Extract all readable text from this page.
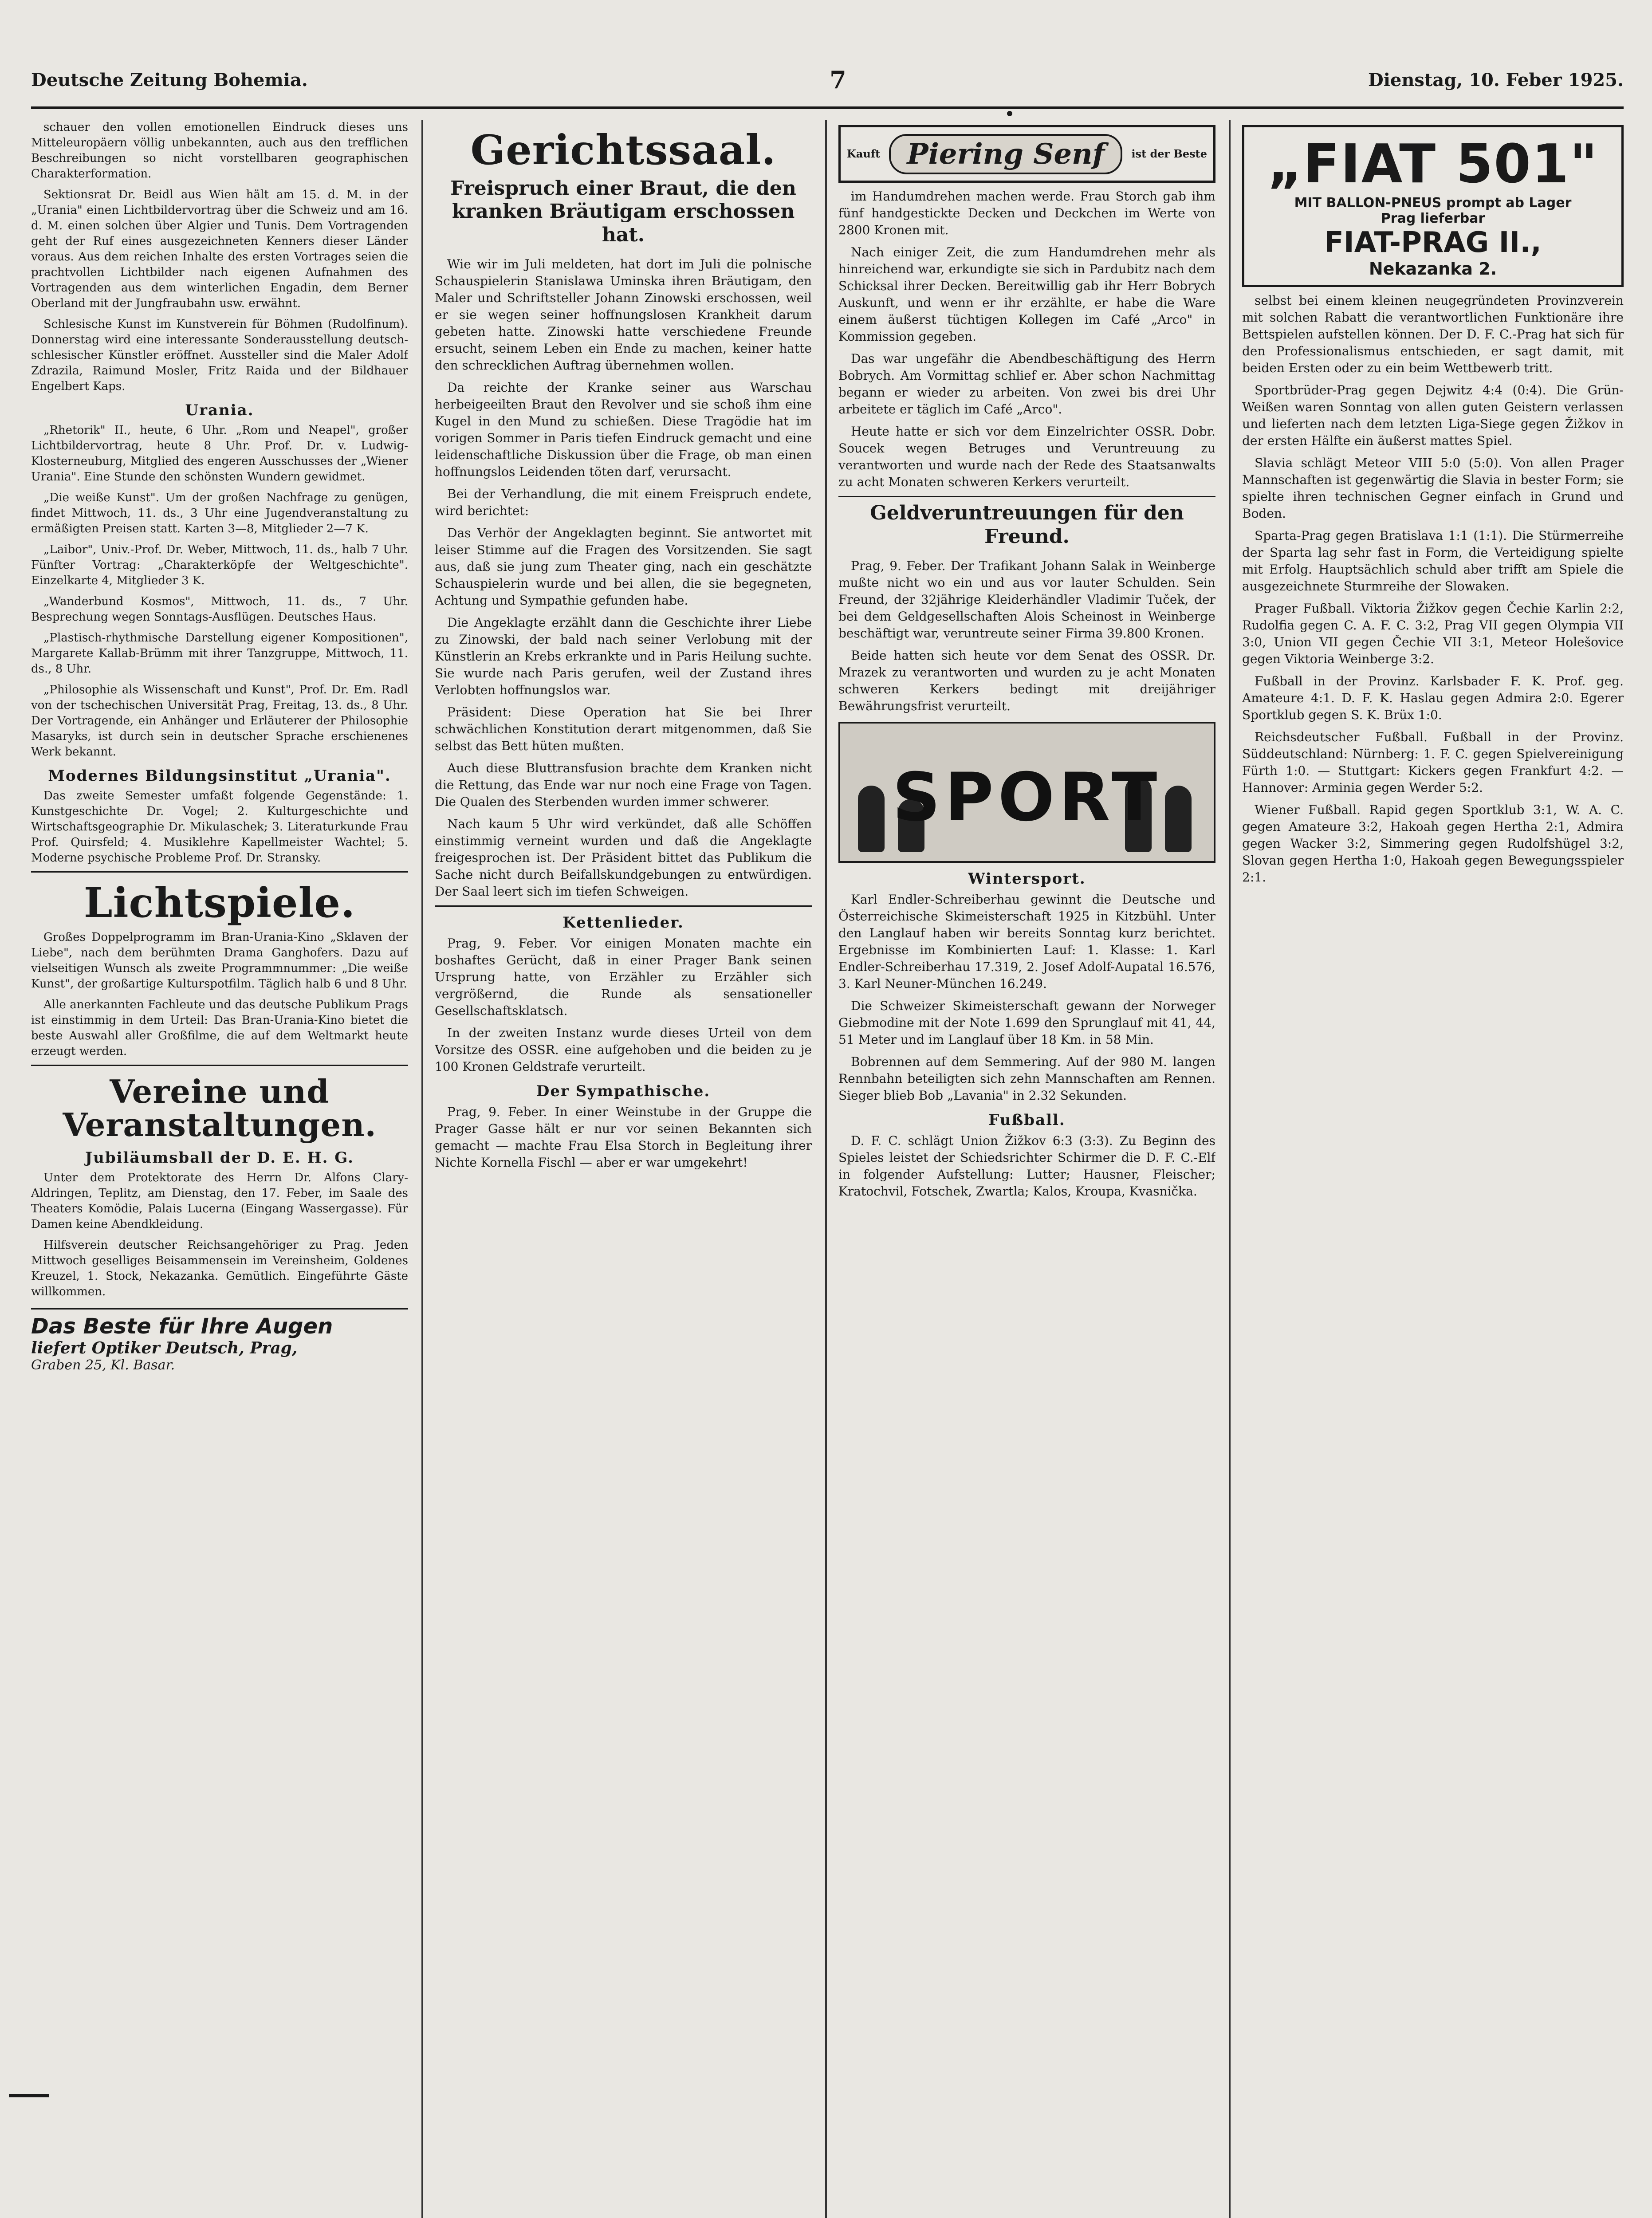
Deutsche Zeitung Bohemia.	7	Dienstag, 10. Feber 1925.

schauer den vollen emotionellen Eindruck dieses uns Mitteleuropäern völlig unbekannten, auch aus den trefflichen Beschreibungen so nicht vorstellbaren geographischen Charakterformation.

Sektionsrat Dr. Beidl aus Wien hält am 15. d. M. in der „Urania" einen Lichtbildervortrag über die Schweiz und am 16. d. M. einen solchen über Algier und Tunis. Dem Vortragenden geht der Ruf eines ausgezeichneten Kenners dieser Länder voraus. Aus dem reichen Inhalte des ersten Vortrages seien die prachtvollen Lichtbilder nach eigenen Aufnahmen des Vortragenden aus dem winterlichen Engadin, dem Berner Oberland mit der Jungfraubahn usw. erwähnt.

Schlesische Kunst im Kunstverein für Böhmen (Rudolfinum). Donnerstag wird eine interessante Sonderausstellung deutsch-schlesischer Künstler eröffnet. Aussteller sind die Maler Adolf Zdrazila, Raimund Mosler, Fritz Raida und der Bildhauer Engelbert Kaps.

Urania.

„Rhetorik" II., heute, 6 Uhr. „Rom und Neapel", großer Lichtbildervortrag, heute 8 Uhr. Prof. Dr. v. Ludwig-Klosterneuburg, Mitglied des engeren Ausschusses der „Wiener Urania". Eine Stunde den schönsten Wundern gewidmet.

„Die weiße Kunst". Um der großen Nachfrage zu genügen, findet Mittwoch, 11. ds., 3 Uhr eine Jugendveranstaltung zu ermäßigten Preisen statt. Karten 3—8, Mitglieder 2—7 K.

„Laibor", Univ.-Prof. Dr. Weber, Mittwoch, 11. ds., halb 7 Uhr. Fünfter Vortrag: „Charakterköpfe der Weltgeschichte". Einzelkarte 4, Mitglieder 3 K.

„Wanderbund Kosmos", Mittwoch, 11. ds., 7 Uhr. Besprechung wegen Sonntags-Ausflügen. Deutsches Haus.

„Plastisch-rhythmische Darstellung eigener Kompositionen", Margarete Kallab-Brümm mit ihrer Tanzgruppe, Mittwoch, 11. ds., 8 Uhr.

„Philosophie als Wissenschaft und Kunst", Prof. Dr. Em. Radl von der tschechischen Universität Prag, Freitag, 13. ds., 8 Uhr. Der Vortragende, ein Anhänger und Erläuterer der Philosophie Masaryks, ist durch sein in deutscher Sprache erschienenes Werk bekannt.

Modernes Bildungsinstitut „Urania".

Das zweite Semester umfaßt folgende Gegenstände: 1. Kunstgeschichte Dr. Vogel; 2. Kulturgeschichte und Wirtschaftsgeographie Dr. Mikulaschek; 3. Literaturkunde Frau Prof. Quirsfeld; 4. Musiklehre Kapellmeister Wachtel; 5. Moderne psychische Probleme Prof. Dr. Stransky.

Lichtspiele.

Großes Doppelprogramm im Bran-Urania-Kino „Sklaven der Liebe", nach dem berühmten Drama Ganghofers. Dazu auf vielseitigen Wunsch als zweite Programmnummer: „Die weiße Kunst", der großartige Kulturspotfilm. Täglich halb 6 und 8 Uhr.

Alle anerkannten Fachleute und das deutsche Publikum Prags ist einstimmig in dem Urteil: Das Bran-Urania-Kino bietet die beste Auswahl aller Großfilme, die auf dem Weltmarkt heute erzeugt werden.

Vereine und Veranstaltungen.
Jubiläumsball der D. E. H. G.

Unter dem Protektorate des Herrn Dr. Alfons Clary-Aldringen, Teplitz, am Dienstag, den 17. Feber, im Saale des Theaters Komödie, Palais Lucerna (Eingang Wassergasse). Für Damen keine Abendkleidung.

Hilfsverein deutscher Reichsangehöriger zu Prag. Jeden Mittwoch geselliges Beisammensein im Vereinsheim, Goldenes Kreuzel, 1. Stock, Nekazanka. Gemütlich. Eingeführte Gäste willkommen.

Das Beste für Ihre Augen
liefert Optiker Deutsch, Prag,
Graben 25, Kl. Basar.
Gerichtssaal.
Freispruch einer Braut, die den kranken Bräutigam erschossen hat.

Wie wir im Juli meldeten, hat dort im Juli die polnische Schauspielerin Stanislawa Uminska ihren Bräutigam, den Maler und Schriftsteller Johann Zinowski erschossen, weil er sie wegen seiner hoffnungslosen Krankheit darum gebeten hatte. Zinowski hatte verschiedene Freunde ersucht, seinem Leben ein Ende zu machen, keiner hatte den schrecklichen Auftrag übernehmen wollen.

Da reichte der Kranke seiner aus Warschau herbeigeeilten Braut den Revolver und sie schoß ihm eine Kugel in den Mund zu schießen. Diese Tragödie hat im vorigen Sommer in Paris tiefen Eindruck gemacht und eine leidenschaftliche Diskussion über die Frage, ob man einen hoffnungslos Leidenden töten darf, verursacht.

Bei der Verhandlung, die mit einem Freispruch endete, wird berichtet:

Das Verhör der Angeklagten beginnt. Sie antwortet mit leiser Stimme auf die Fragen des Vorsitzenden. Sie sagt aus, daß sie jung zum Theater ging, nach ein geschätzte Schauspielerin wurde und bei allen, die sie begegneten, Achtung und Sympathie gefunden habe.

Die Angeklagte erzählt dann die Geschichte ihrer Liebe zu Zinowski, der bald nach seiner Verlobung mit der Künstlerin an Krebs erkrankte und in Paris Heilung suchte. Sie wurde nach Paris gerufen, weil der Zustand ihres Verlobten hoffnungslos war.

Präsident: Diese Operation hat Sie bei Ihrer schwächlichen Konstitution derart mitgenommen, daß Sie selbst das Bett hüten mußten.

Auch diese Bluttransfusion brachte dem Kranken nicht die Rettung, das Ende war nur noch eine Frage von Tagen. Die Qualen des Sterbenden wurden immer schwerer.

Nach kaum 5 Uhr wird verkündet, daß alle Schöffen einstimmig verneint wurden und daß die Angeklagte freigesprochen ist. Der Präsident bittet das Publikum die Sache nicht durch Beifallskundgebungen zu entwürdigen. Der Saal leert sich im tiefen Schweigen.

Kettenlieder.

Prag, 9. Feber. Vor einigen Monaten machte ein boshaftes Gerücht, daß in einer Prager Bank seinen Ursprung hatte, von Erzähler zu Erzähler sich vergrößernd, die Runde als sensationeller Gesellschaftsklatsch.

In der zweiten Instanz wurde dieses Urteil von dem Vorsitze des OSSR. eine aufgehoben und die beiden zu je 100 Kronen Geldstrafe verurteilt.

Der Sympathische.

Prag, 9. Feber. In einer Weinstube in der Gruppe die Prager Gasse hält er nur vor seinen Bekannten sich gemacht — machte Frau Elsa Storch in Begleitung ihrer Nichte Kornella Fischl — aber er war umgekehrt!

Kauft Piering Senf	ist der Beste

im Handumdrehen machen werde. Frau Storch gab ihm fünf handgestickte Decken und Deckchen im Werte von 2800 Kronen mit.

Nach einiger Zeit, die zum Handumdrehen mehr als hinreichend war, erkundigte sie sich in Pardubitz nach dem Schicksal ihrer Decken. Bereitwillig gab ihr Herr Bobrych Auskunft, und wenn er ihr erzählte, er habe die Ware einem äußerst tüchtigen Kollegen im Café „Arco" in Kommission gegeben.

Das war ungefähr die Abendbeschäftigung des Herrn Bobrych. Am Vormittag schlief er. Aber schon Nachmittag begann er wieder zu arbeiten. Von zwei bis drei Uhr arbeitete er täglich im Café „Arco".

Heute hatte er sich vor dem Einzelrichter OSSR. Dobr. Soucek wegen Betruges und Veruntreuung zu verantworten und wurde nach der Rede des Staatsanwalts zu acht Monaten schweren Kerkers verurteilt.

Geldveruntreuungen für den Freund.

Prag, 9. Feber. Der Trafikant Johann Salak in Weinberge mußte nicht wo ein und aus vor lauter Schulden. Sein Freund, der 32jährige Kleiderhändler Vladimir Tuček, der bei dem Geldgesellschaften Alois Scheinost in Weinberge beschäftigt war, veruntreute seiner Firma 39.800 Kronen.

Beide hatten sich heute vor dem Senat des OSSR. Dr. Mrazek zu verantworten und wurden zu je acht Monaten schweren Kerkers bedingt mit dreijähriger Bewährungsfrist verurteilt.

SPORT
Wintersport.

Karl Endler-Schreiberhau gewinnt die Deutsche und Österreichische Skimeisterschaft 1925 in Kitzbühl. Unter den Langlauf haben wir bereits Sonntag kurz berichtet. Ergebnisse im Kombinierten Lauf: 1. Klasse: 1. Karl Endler-Schreiberhau 17.319, 2. Josef Adolf-Aupatal 16.576, 3. Karl Neuner-München 16.249.

Die Schweizer Skimeisterschaft gewann der Norweger Giebmodine mit der Note 1.699 den Sprunglauf mit 41, 44, 51 Meter und im Langlauf über 18 Km. in 58 Min.

Bobrennen auf dem Semmering. Auf der 980 M. langen Rennbahn beteiligten sich zehn Mannschaften am Rennen. Sieger blieb Bob „Lavania" in 2.32 Sekunden.

Fußball.

D. F. C. schlägt Union Žižkov 6:3 (3:3). Zu Beginn des Spieles leistet der Schiedsrichter Schirmer die D. F. C.-Elf in folgender Aufstellung: Lutter; Hausner, Fleischer; Kratochvil, Fotschek, Zwartla; Kalos, Kroupa, Kvasnička.

„FIAT 501"
MIT BALLON-PNEUS prompt ab Lager
Prag lieferbar
FIAT-PRAG II.,
Nekazanka 2.

selbst bei einem kleinen neugegründeten Provinzverein mit solchen Rabatt die verantwortlichen Funktionäre ihre Bettspielen aufstellen können. Der D. F. C.-Prag hat sich für den Professionalismus entschieden, er sagt damit, mit beiden Ersten oder zu ein beim Wettbewerb tritt.

Sportbrüder-Prag gegen Dejwitz 4:4 (0:4). Die Grün-Weißen waren Sonntag von allen guten Geistern verlassen und lieferten nach dem letzten Liga-Siege gegen Žižkov in der ersten Hälfte ein äußerst mattes Spiel.

Slavia schlägt Meteor VIII 5:0 (5:0). Von allen Prager Mannschaften ist gegenwärtig die Slavia in bester Form; sie spielte ihren technischen Gegner einfach in Grund und Boden.

Sparta-Prag gegen Bratislava 1:1 (1:1). Die Stürmerreihe der Sparta lag sehr fast in Form, die Verteidigung spielte mit Erfolg. Hauptsächlich schuld aber trifft am Spiele die ausgezeichnete Sturmreihe der Slowaken.

Prager Fußball. Viktoria Žižkov gegen Čechie Karlin 2:2, Rudolfia gegen C. A. F. C. 3:2, Prag VII gegen Olympia VII 3:0, Union VII gegen Čechie VII 3:1, Meteor Holešovice gegen Viktoria Weinberge 3:2.

Fußball in der Provinz. Karlsbader F. K. Prof. geg. Amateure 4:1. D. F. K. Haslau gegen Admira 2:0. Egerer Sportklub gegen S. K. Brüx 1:0.

Reichsdeutscher Fußball. Fußball in der Provinz. Süddeutschland: Nürnberg: 1. F. C. gegen Spielvereinigung Fürth 1:0. — Stuttgart: Kickers gegen Frankfurt 4:2. — Hannover: Arminia gegen Werder 5:2.

Wiener Fußball. Rapid gegen Sportklub 3:1, W. A. C. gegen Amateure 3:2, Hakoah gegen Hertha 2:1, Admira gegen Wacker 3:2, Simmering gegen Rudolfshügel 3:2, Slovan gegen Hertha 1:0, Hakoah gegen Bewegungsspieler 2:1.
